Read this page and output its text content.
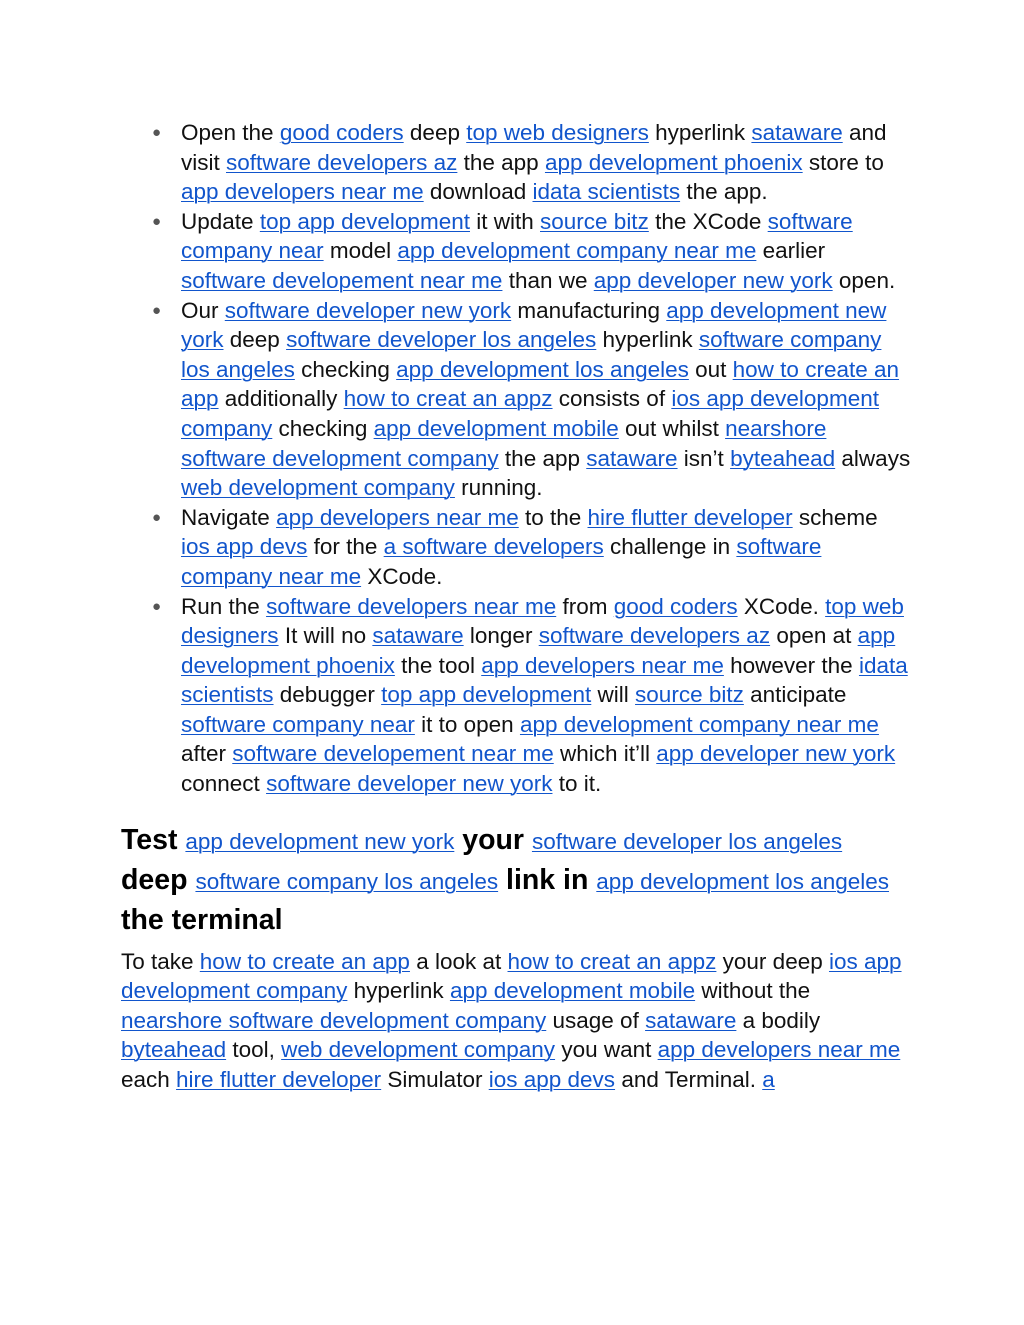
● Open the good coders deep top web designers hyperlink sataware and visit software developers az the app app development phoenix store to app developers near me download idata scientists the app.
● Update top app development it with source bitz the XCode software company near model app development company near me earlier software developement near me than we app developer new york open.
● Our software developer new york manufacturing app development new york deep software developer los angeles hyperlink software company los angeles checking app development los angeles out how to create an app additionally how to creat an appz consists of ios app development company checking app development mobile out whilst nearshore software development company the app sataware isn’t byteahead always web development company running.
● Navigate app developers near me to the hire flutter developer scheme ios app devs for the a software developers challenge in software company near me XCode.
● Run the software developers near me from good coders XCode. top web designers It will no sataware longer software developers az open at app development phoenix the tool app developers near me however the idata scientists debugger top app development will source bitz anticipate software company near it to open app development company near me after software developement near me which it’ll app developer new york connect software developer new york to it.
Test app development new york your software developer los angeles deep software company los angeles link in app development los angeles the terminal

To take how to create an app a look at how to creat an appz your deep ios app development company hyperlink app development mobile without the nearshore software development company usage of sataware a bodily byteahead tool, web development company you want app developers near me each hire flutter developer Simulator ios app devs and Terminal. a
